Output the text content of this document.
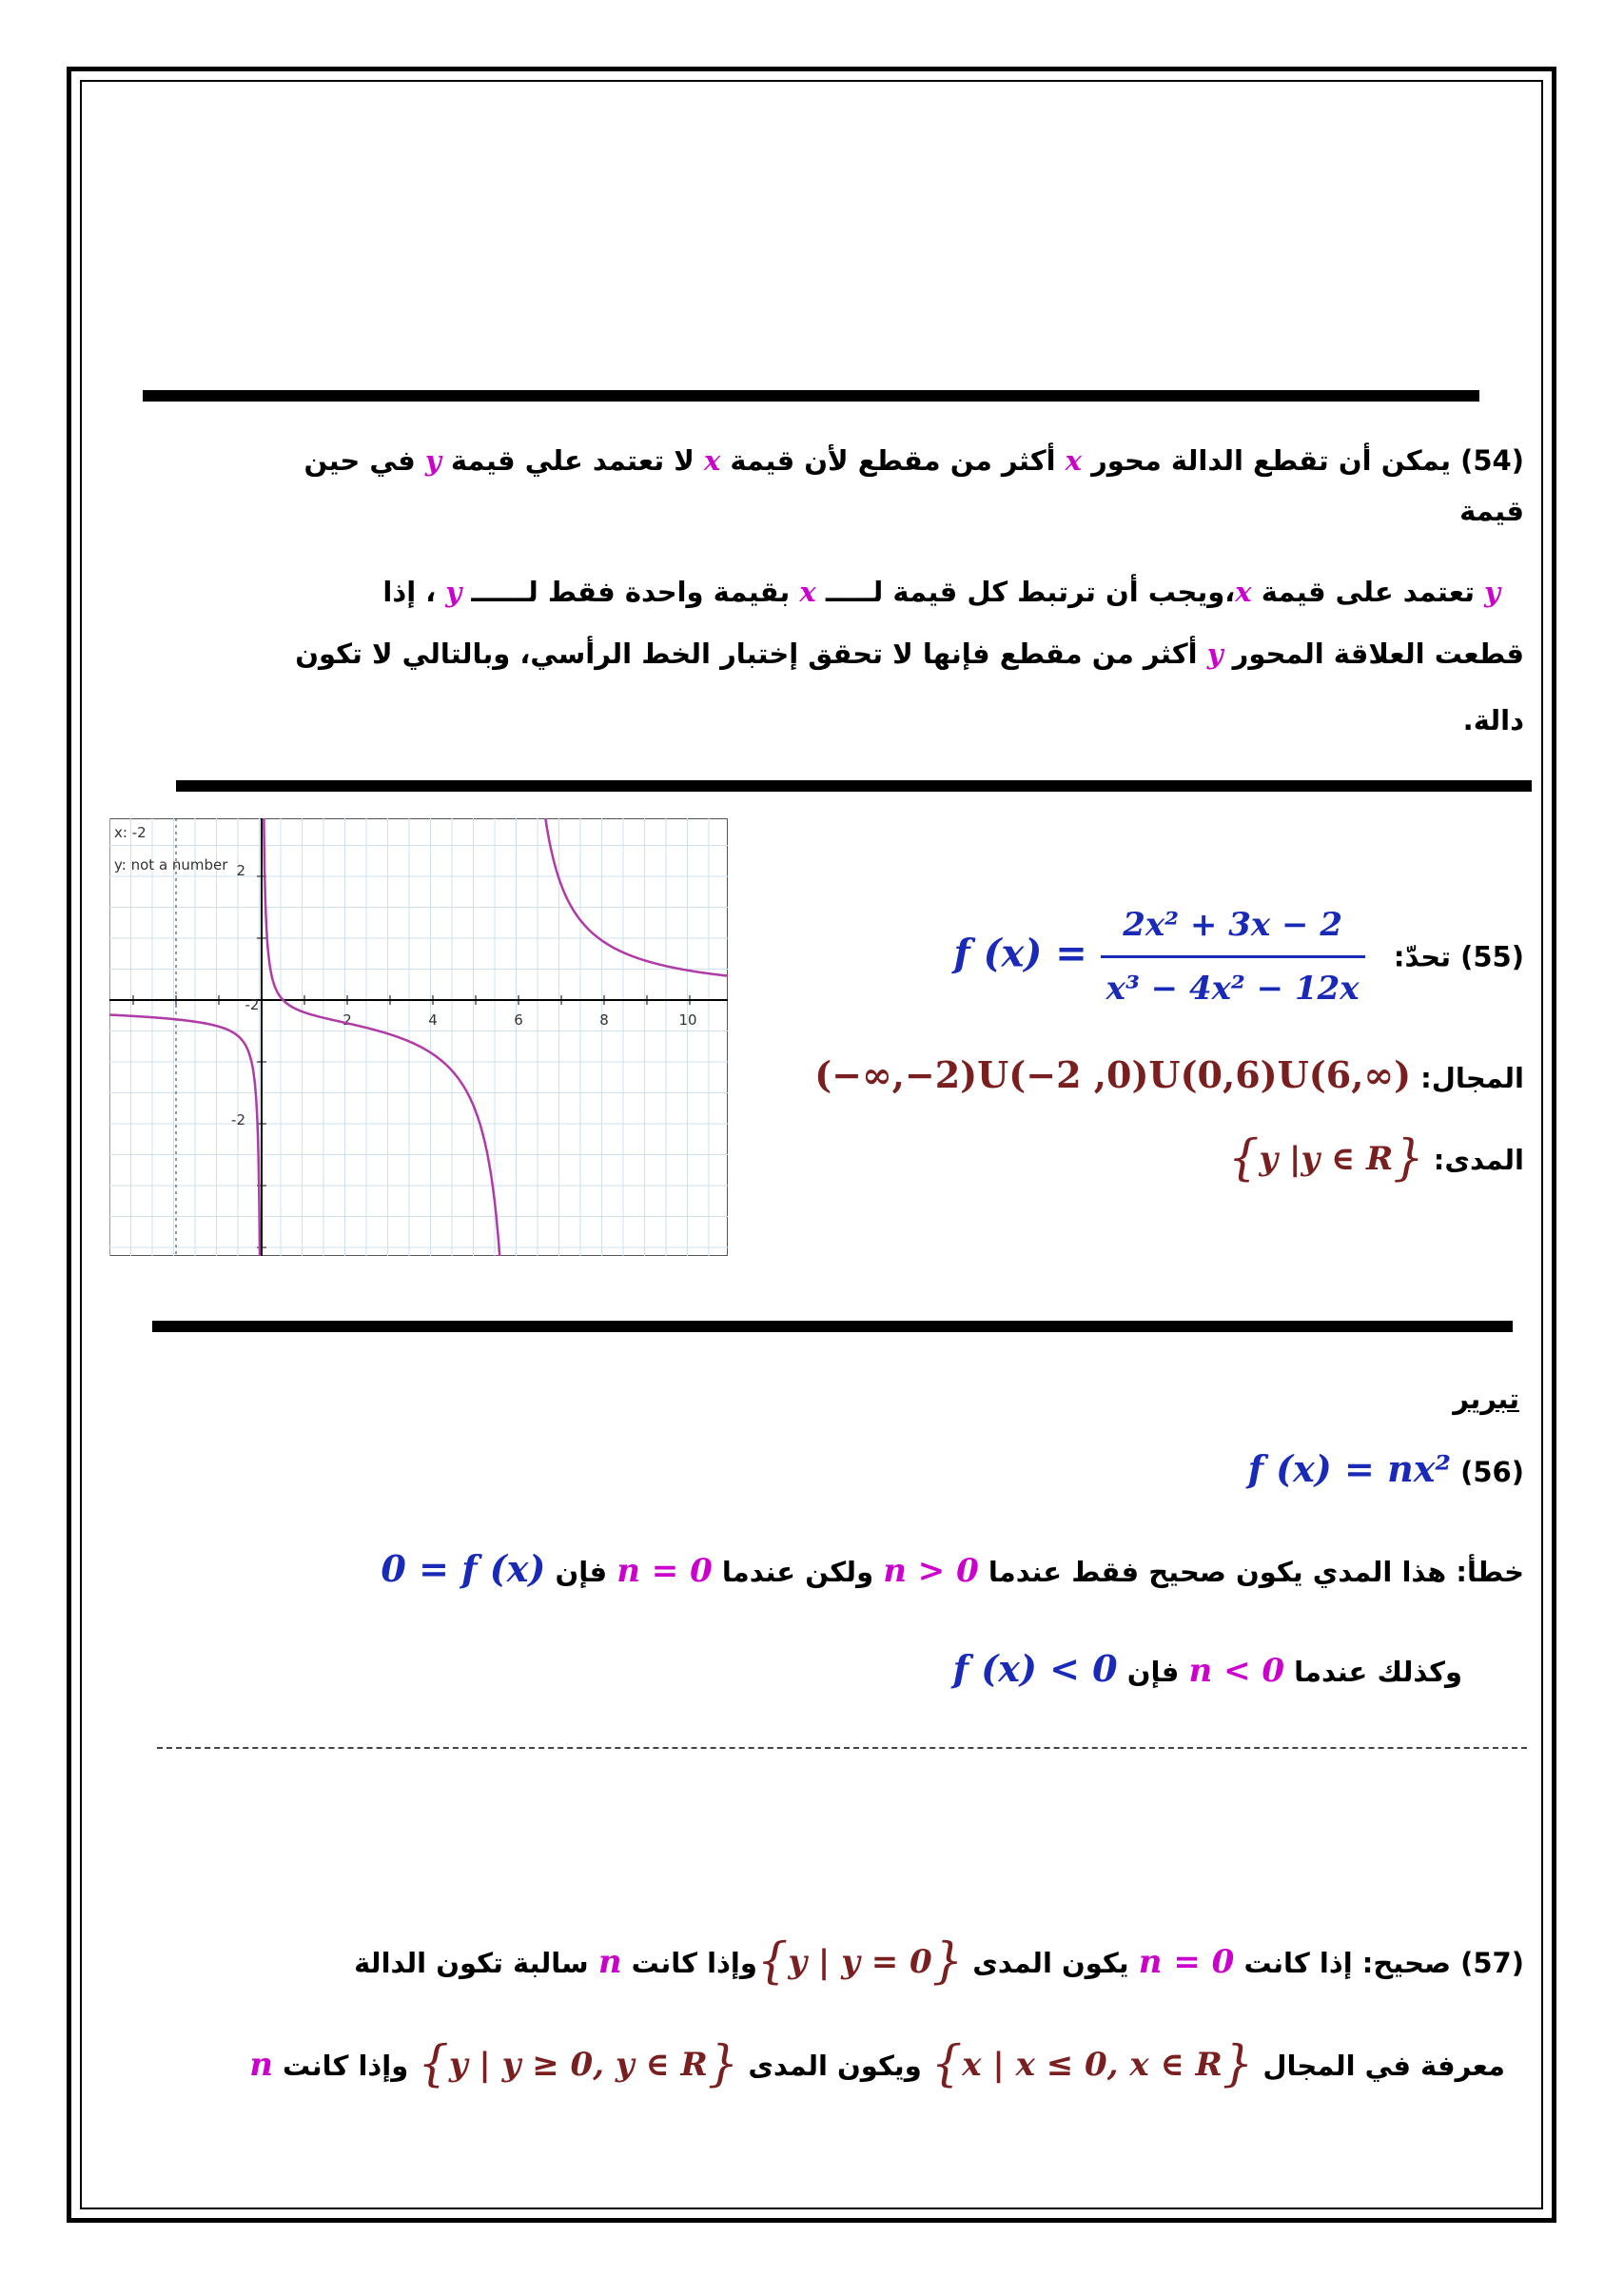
(54) يمكن أن تقطع الدالة محور x أكثر من مقطع لأن قيمة x لا تعتمد علي قيمة y في حين
قيمة
y تعتمد على قيمة x،ويجب أن ترتبط كل قيمة لـــــ x بقيمة واحدة فقط لــــــ y ، إذا
قطعت العلاقة المحور y أكثر من مقطع فإنها لا تحقق إختبار الخط الرأسي، وبالتالي لا تكون
دالة.
-2
2	4	6	8	10
2
-2
x: -2
y: not a number
(55) تحدّ:   f $(x) = \frac{\text{2x² + 3x − 2}}{\text{x³ − 4x² − 12x}}$
المجال: (−∞,−2)U(−2 ,0)U(0,6)U(6,∞)
المدى: {y |y ∈ R}
تبرير
(56) f (x) = nx²
خطأ: هذا المدي يكون صحيح فقط عندما n > 0 ولكن عندما n = 0 فإن 0 = f (x)
وكذلك عندما n < 0 فإن f (x) < 0
(57) صحيح: إذا كانت n = 0 يكون المدى {y | y = 0}وإذا كانت n سالبة تكون الدالة
معرفة في المجال {x | x ≤ 0, x ∈ R} ويكون المدى {y | y ≥ 0, y ∈ R} وإذا كانت n
